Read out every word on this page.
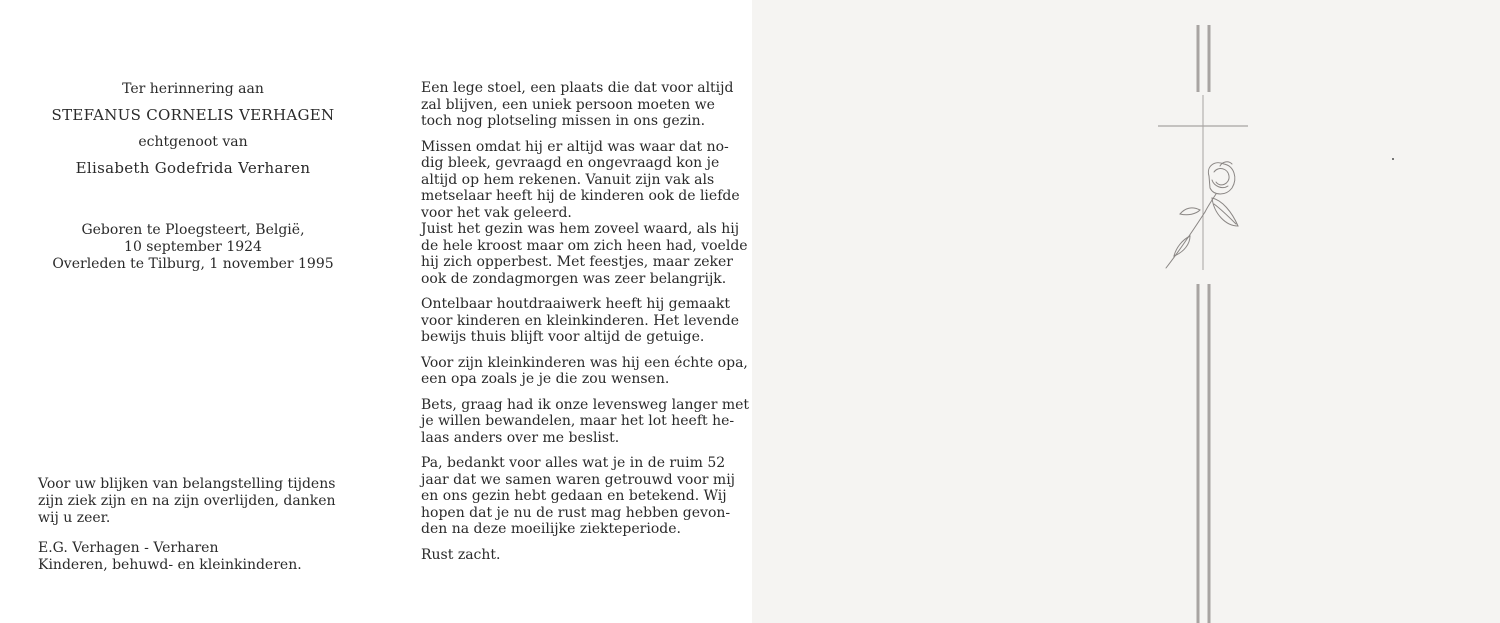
Ter herinnering aan
STEFANUS CORNELIS VERHAGEN
echtgenoot van
Elisabeth Godefrida Verharen
Geboren te Ploegsteert, België,
10 september 1924
Overleden te Tilburg, 1 november 1995
Voor uw blijken van belangstelling tijdens
zijn ziek zijn en na zijn overlijden, danken
wij u zeer.
E.G. Verhagen - Verharen
Kinderen, behuwd- en kleinkinderen.
Een lege stoel, een plaats die dat voor altijd
zal blijven, een uniek persoon moeten we
toch nog plotseling missen in ons gezin.
Missen omdat hij er altijd was waar dat no-
dig bleek, gevraagd en ongevraagd kon je
altijd op hem rekenen. Vanuit zijn vak als
metselaar heeft hij de kinderen ook de liefde
voor het vak geleerd.
Juist het gezin was hem zoveel waard, als hij
de hele kroost maar om zich heen had, voelde
hij zich opperbest. Met feestjes, maar zeker
ook de zondagmorgen was zeer belangrijk.
Ontelbaar houtdraaiwerk heeft hij gemaakt
voor kinderen en kleinkinderen. Het levende
bewijs thuis blijft voor altijd de getuige.
Voor zijn kleinkinderen was hij een échte opa,
een opa zoals je je die zou wensen.
Bets, graag had ik onze levensweg langer met
je willen bewandelen, maar het lot heeft he-
laas anders over me beslist.
Pa, bedankt voor alles wat je in de ruim 52
jaar dat we samen waren getrouwd voor mij
en ons gezin hebt gedaan en betekend. Wij
hopen dat je nu de rust mag hebben gevon-
den na deze moeilijke ziekteperiode.
Rust zacht.
